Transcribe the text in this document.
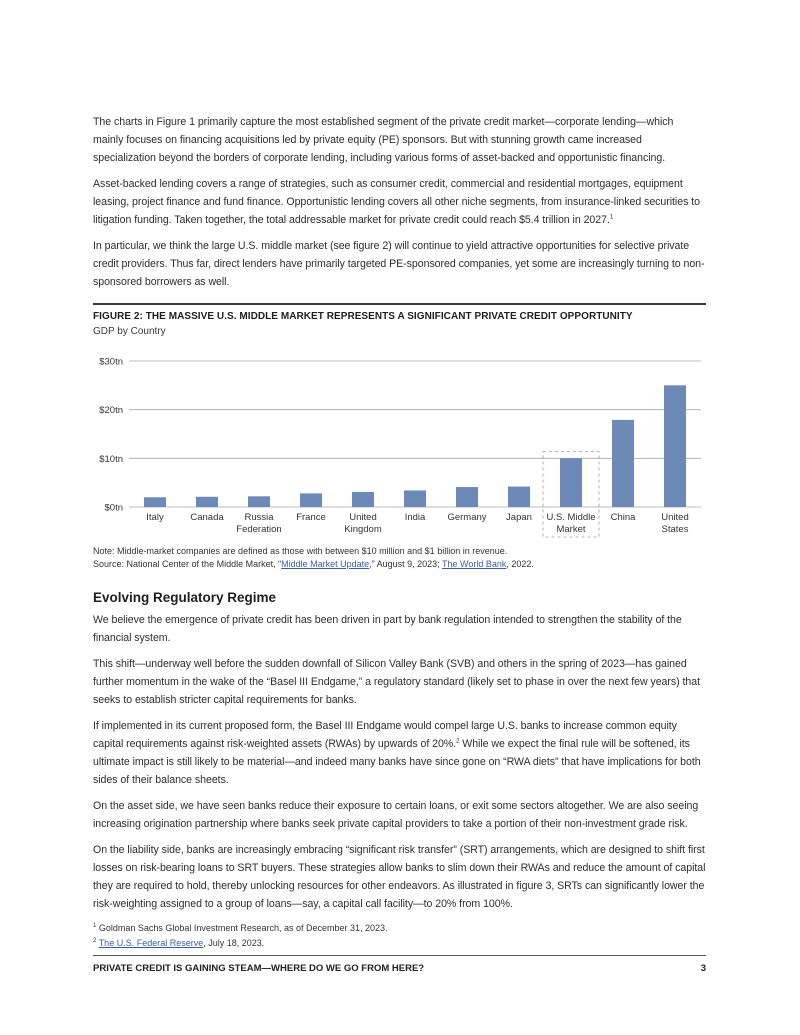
The charts in Figure 1 primarily capture the most established segment of the private credit market—corporate lending—which mainly focuses on financing acquisitions led by private equity (PE) sponsors. But with stunning growth came increased specialization beyond the borders of corporate lending, including various forms of asset-backed and opportunistic financing.

Asset-backed lending covers a range of strategies, such as consumer credit, commercial and residential mortgages, equipment leasing, project finance and fund finance. Opportunistic lending covers all other niche segments, from insurance-linked securities to litigation funding. Taken together, the total addressable market for private credit could reach $5.4 trillion in 2027.$^1$

In particular, we think the large U.S. middle market (see figure 2) will continue to yield attractive opportunities for selective private credit providers. Thus far, direct lenders have primarily targeted PE-sponsored companies, yet some are increasingly turning to non-sponsored borrowers as well.

FIGURE 2: THE MASSIVE U.S. MIDDLE MARKET REPRESENTS A SIGNIFICANT PRIVATE CREDIT OPPORTUNITY
GDP by Country
$0tn
$10tn
$20tn
$30tn
Italy	Canada Russia
Federation
France United
Kingdom
India Germany Japan U.S. Middle
Market
China	United
States
Note: Middle-market companies are defined as those with between $10 million and $1 billion in revenue.
Source: National Center of the Middle Market, “Middle Market Update,” August 9, 2023; The World Bank, 2022.
Evolving Regulatory Regime

We believe the emergence of private credit has been driven in part by bank regulation intended to strengthen the stability of the financial system.

This shift—underway well before the sudden downfall of Silicon Valley Bank (SVB) and others in the spring of 2023—has gained further momentum in the wake of the “Basel III Endgame,” a regulatory standard (likely set to phase in over the next few years) that seeks to establish stricter capital requirements for banks.

If implemented in its current proposed form, the Basel III Endgame would compel large U.S. banks to increase common equity capital requirements against risk-weighted assets (RWAs) by upwards of 20%.$^2$ While we expect the final rule will be softened, its ultimate impact is still likely to be material—and indeed many banks have since gone on “RWA diets” that have implications for both sides of their balance sheets.

On the asset side, we have seen banks reduce their exposure to certain loans, or exit some sectors altogether. We are also seeing increasing origination partnership where banks seek private capital providers to take a portion of their non-investment grade risk.

On the liability side, banks are increasingly embracing “significant risk transfer” (SRT) arrangements, which are designed to shift first losses on risk-bearing loans to SRT buyers. These strategies allow banks to slim down their RWAs and reduce the amount of capital they are required to hold, thereby unlocking resources for other endeavors. As illustrated in figure 3, SRTs can significantly lower the risk-weighting assigned to a group of loans—say, a capital call facility—to 20% from 100%.

$^1$ Goldman Sachs Global Investment Research, as of December 31, 2023.
$^2$ The U.S. Federal Reserve, July 18, 2023.
PRIVATE CREDIT IS GAINING STEAM—WHERE DO WE GO FROM HERE?	3
